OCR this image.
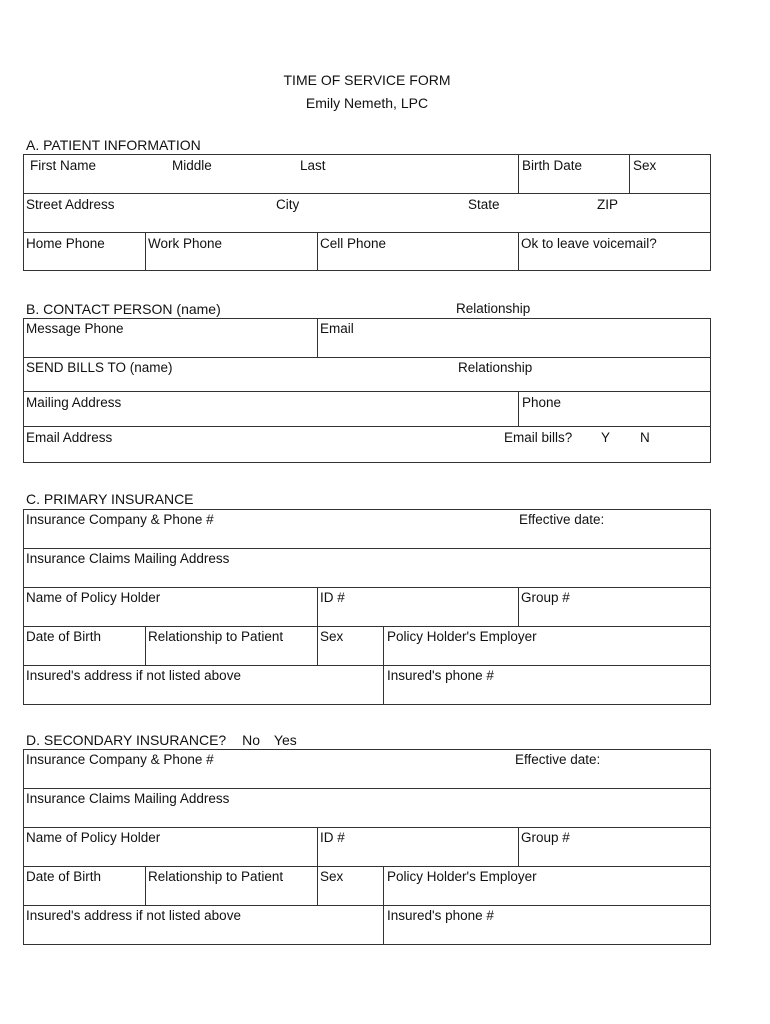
TIME OF SERVICE FORM
Emily Nemeth, LPC
A. PATIENT INFORMATION
First Name	Middle	Last	Birth Date	Sex
Street Address	City	State	ZIP
Home Phone	Work Phone	Cell Phone	Ok to leave voicemail?
B. CONTACT PERSON (name)	Relationship
Message Phone	Email
SEND BILLS TO (name)	Relationship
Mailing Address	Phone
Email Address	Email bills? Y N
C. PRIMARY INSURANCE
Insurance Company & Phone #	Effective date:
Insurance Claims Mailing Address
Name of Policy Holder	ID #	Group #
Date of Birth	Relationship to Patient	Sex	Policy Holder's Employer
Insured's address if not listed above	Insured's phone #
D. SECONDARY INSURANCE? No Yes
Insurance Company & Phone #	Effective date:
Insurance Claims Mailing Address
Name of Policy Holder	ID #	Group #
Date of Birth	Relationship to Patient	Sex	Policy Holder's Employer
Insured's address if not listed above	Insured's phone #
